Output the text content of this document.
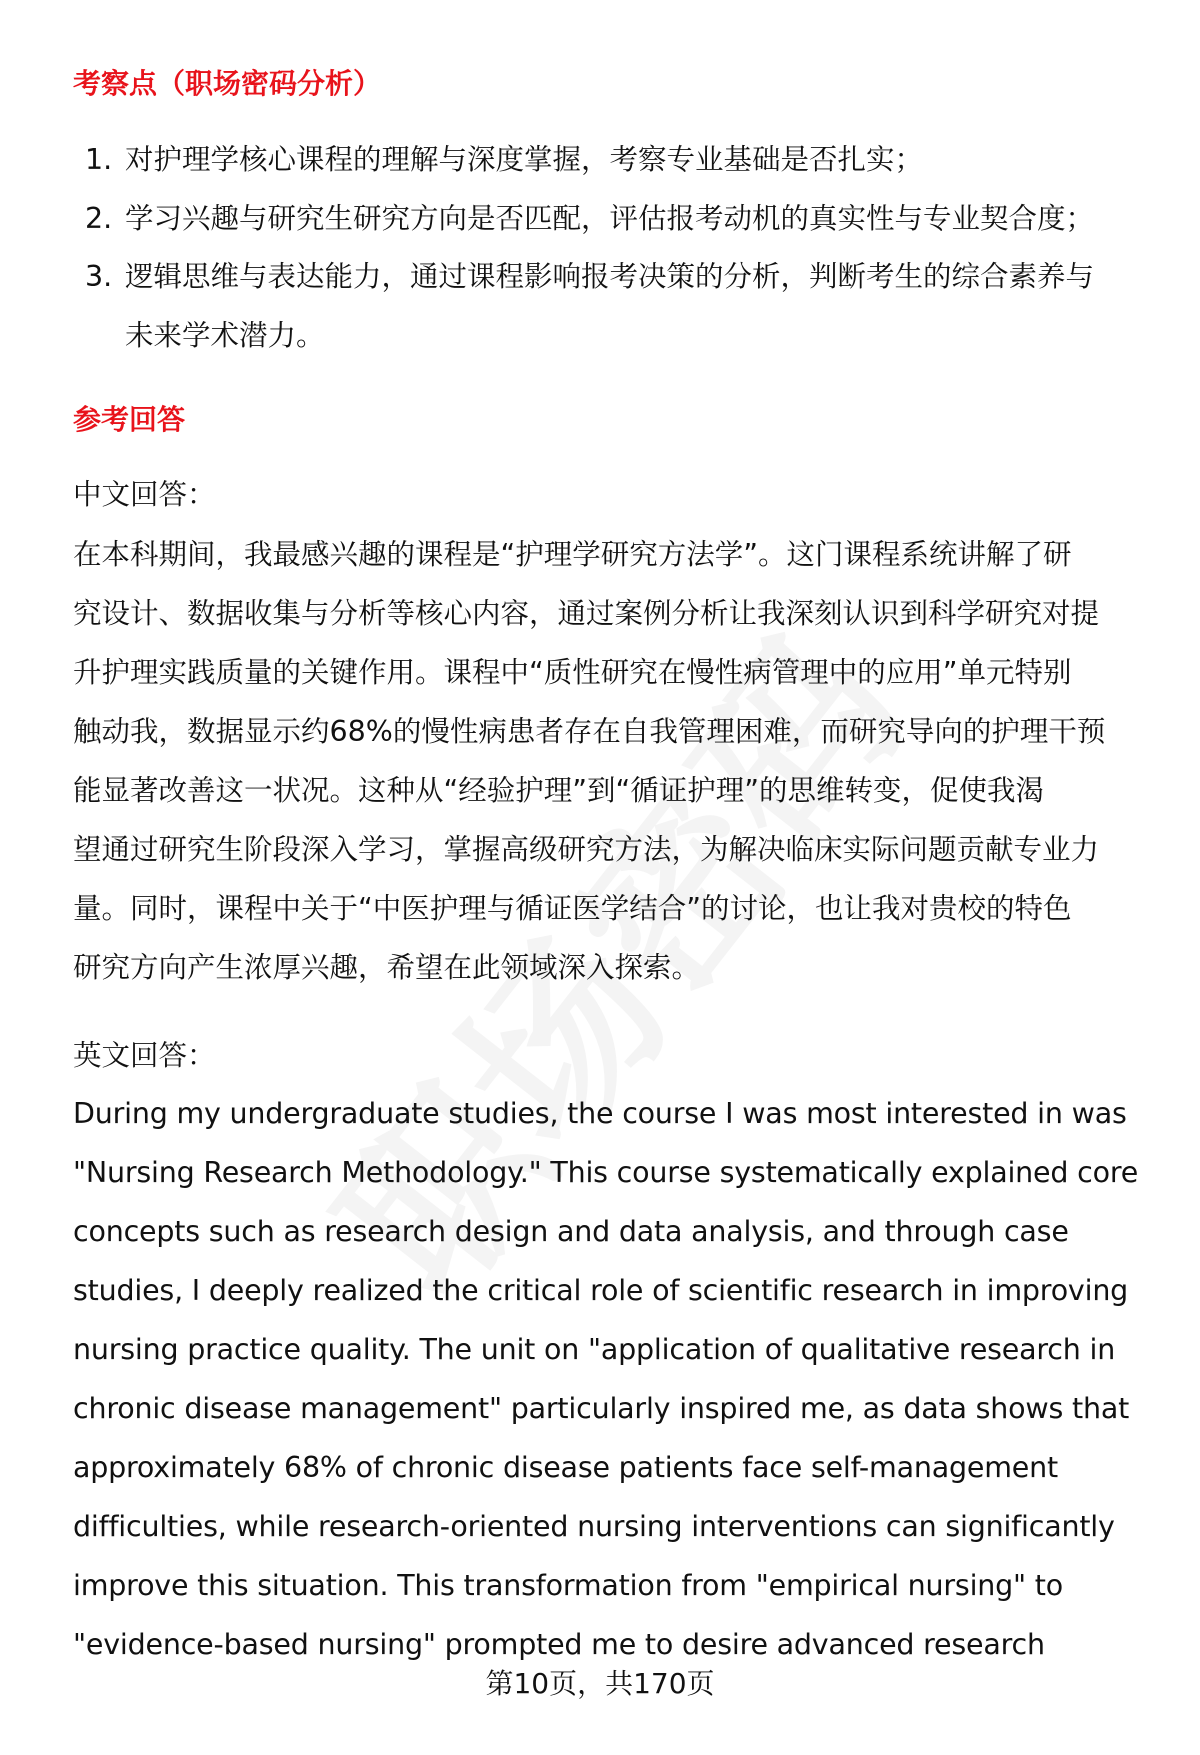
考察点（职场密码分析）
1. 对护理学核心课程的理解与深度掌握，考察专业基础是否扎实；
2. 学习兴趣与研究生研究方向是否匹配，评估报考动机的真实性与专业契合度；
3. 逻辑思维与表达能力，通过课程影响报考决策的分析，判断考生的综合素养与
未来学术潜力。
参考回答
中文回答：
在本科期间，我最感兴趣的课程是“护理学研究方法学”。这门课程系统讲解了研
究设计、数据收集与分析等核心内容，通过案例分析让我深刻认识到科学研究对提
升护理实践质量的关键作用。课程中“质性研究在慢性病管理中的应用”单元特别
触动我，数据显示约68%的慢性病患者存在自我管理困难，而研究导向的护理干预
能显著改善这一状况。这种从“经验护理”到“循证护理”的思维转变，促使我渴
望通过研究生阶段深入学习，掌握高级研究方法，为解决临床实际问题贡献专业力
量。同时，课程中关于“中医护理与循证医学结合”的讨论，也让我对贵校的特色
研究方向产生浓厚兴趣，希望在此领域深入探索。
英文回答：
During my undergraduate studies, the course I was most interested in was
"Nursing Research Methodology." This course systematically explained core
concepts such as research design and data analysis, and through case
studies, I deeply realized the critical role of scientific research in improving
nursing practice quality. The unit on "application of qualitative research in
chronic disease management" particularly inspired me, as data shows that
approximately 68% of chronic disease patients face self-management
difficulties, while research-oriented nursing interventions can significantly
improve this situation. This transformation from "empirical nursing" to
"evidence-based nursing" prompted me to desire advanced research
第10页，共170页
